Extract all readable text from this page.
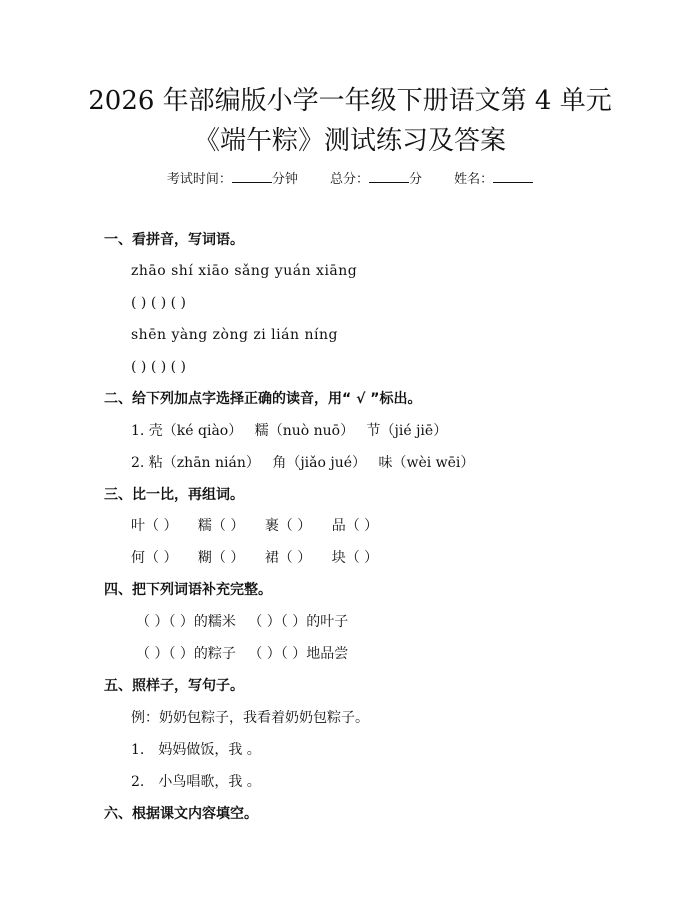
2026 年部编版小学一年级下册语文第 4 单元
《端午粽》测试练习及答案
考试时间：	分钟 总分：	分 姓名：
一、看拼音，写词语。
zhāo shí xiāo sǎng yuán xiāng
( ) ( ) ( )
shēn yàng zòng zi lián níng
( ) ( ) ( )
二、给下列加点字选择正确的读音，用“ √ ”标出。
1. 壳（ké qiào） 糯（nuò nuō） 节（jié jiē）
2. 粘（zhān nián） 角（jiǎo jué） 味（wèi wēi）
三、比一比，再组词。
叶（ ） 糯（ ） 裹（ ） 品（ ）
何（ ） 糊（ ） 裙（ ） 块（ ）
四、把下列词语补充完整。
（ ）（ ）的糯米 （ ）（ ）的叶子
（ ）（ ）的粽子 （ ）（ ）地品尝
五、照样子，写句子。
例：奶奶包粽子，我看着奶奶包粽子。
1.　妈妈做饭，我 。
2.　小鸟唱歌，我 。
六、根据课文内容填空。
